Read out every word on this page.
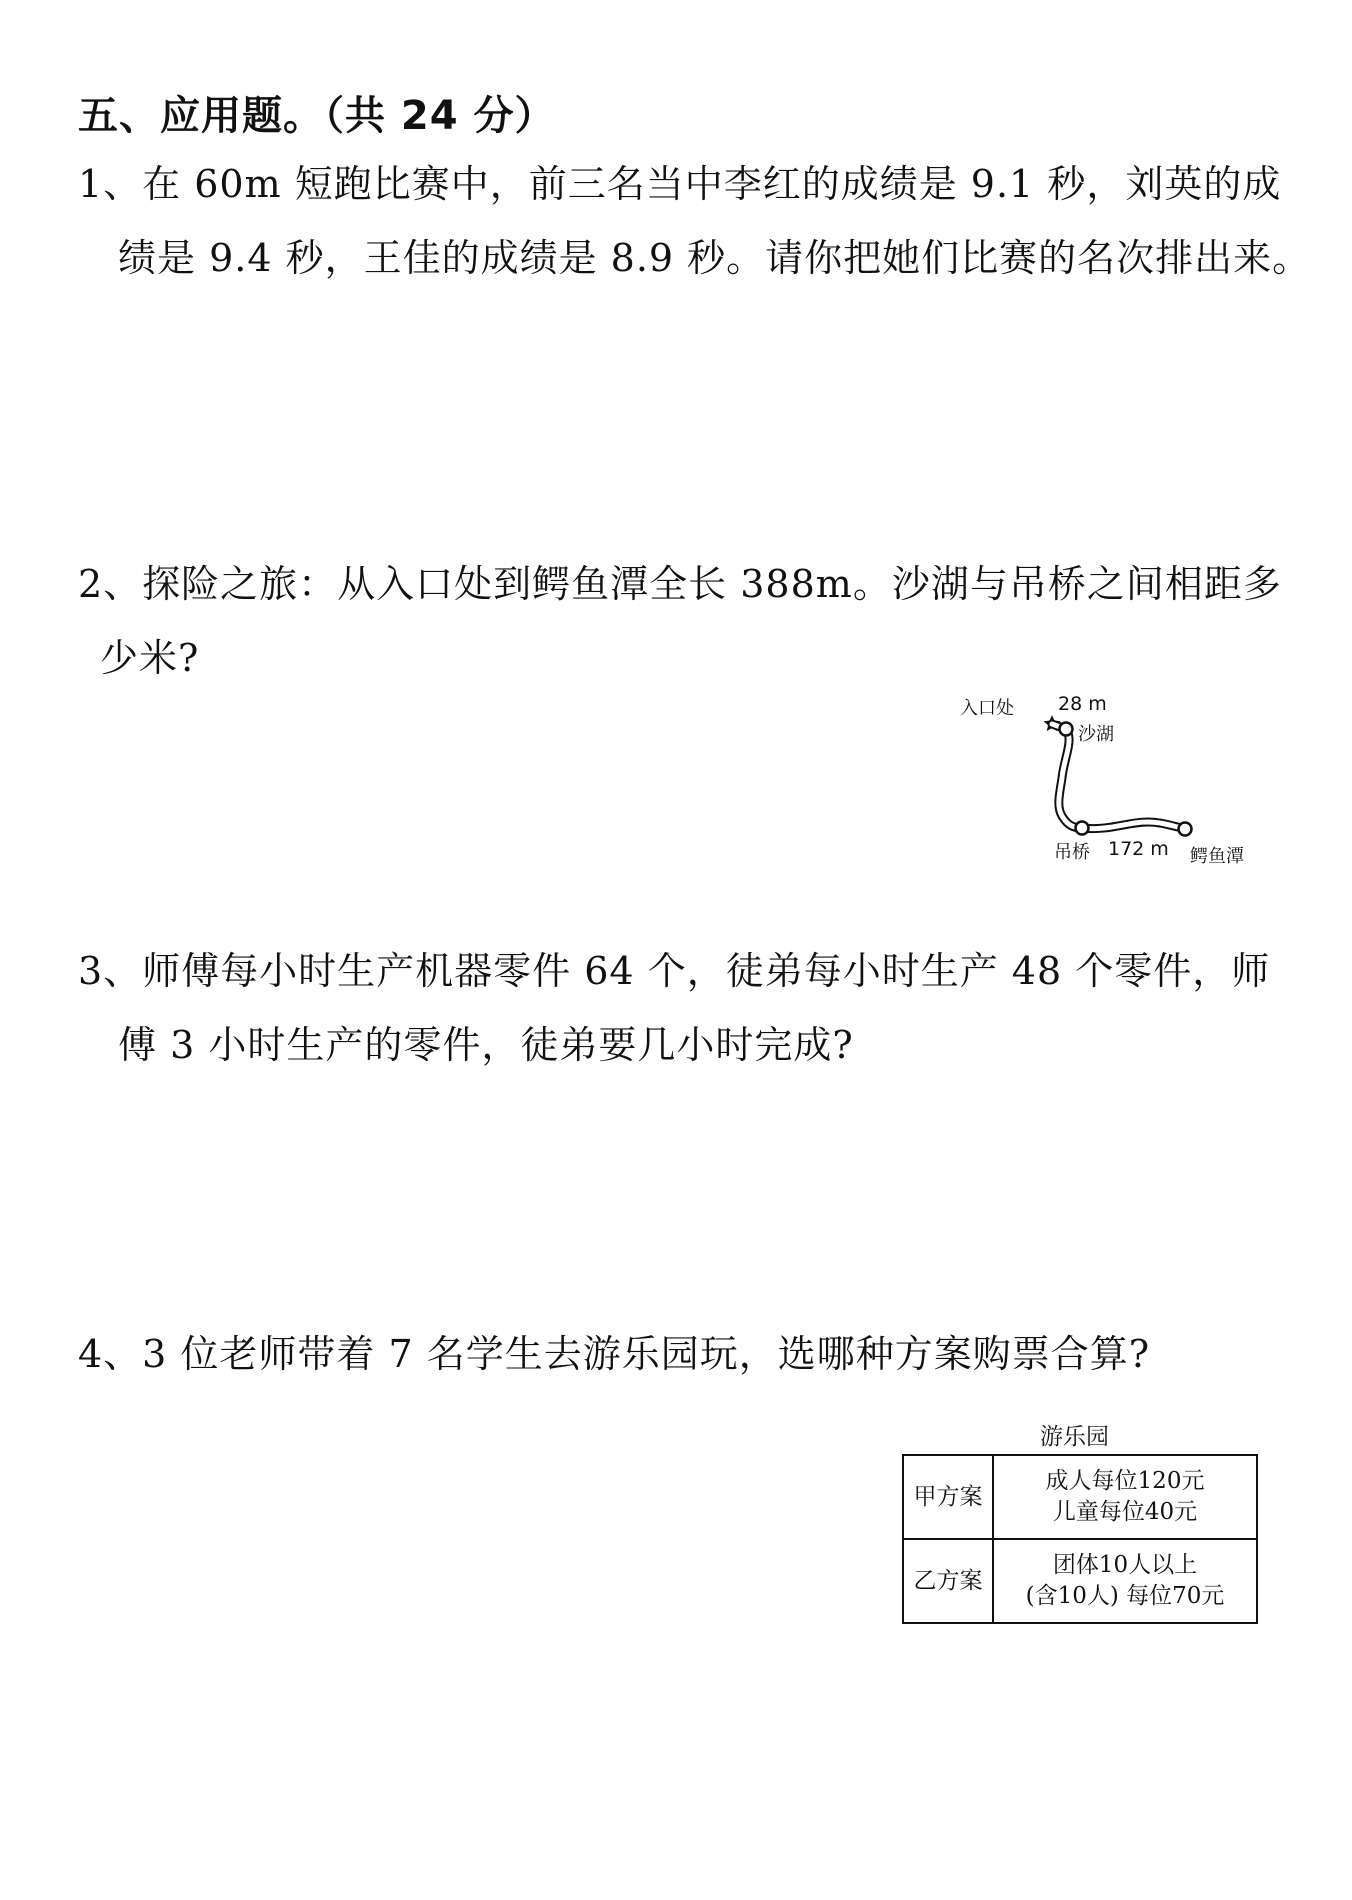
五、应用题。（共 24 分）
1、在 60m 短跑比赛中，前三名当中李红的成绩是 9.1 秒，刘英的成
绩是 9.4 秒，王佳的成绩是 8.9 秒。请你把她们比赛的名次排出来。
2、探险之旅：从入口处到鳄鱼潭全长 388m。沙湖与吊桥之间相距多
少米?
入口处 28 m
沙湖
吊桥 172 m 鳄鱼潭
3、师傅每小时生产机器零件 64 个，徒弟每小时生产 48 个零件，师
傅 3 小时生产的零件，徒弟要几小时完成?
4、3 位老师带着 7 名学生去游乐园玩，选哪种方案购票合算?
游乐园
甲方案	成人每位120元
儿童每位40元

乙方案	团体10人以上
(含10人) 每位70元
